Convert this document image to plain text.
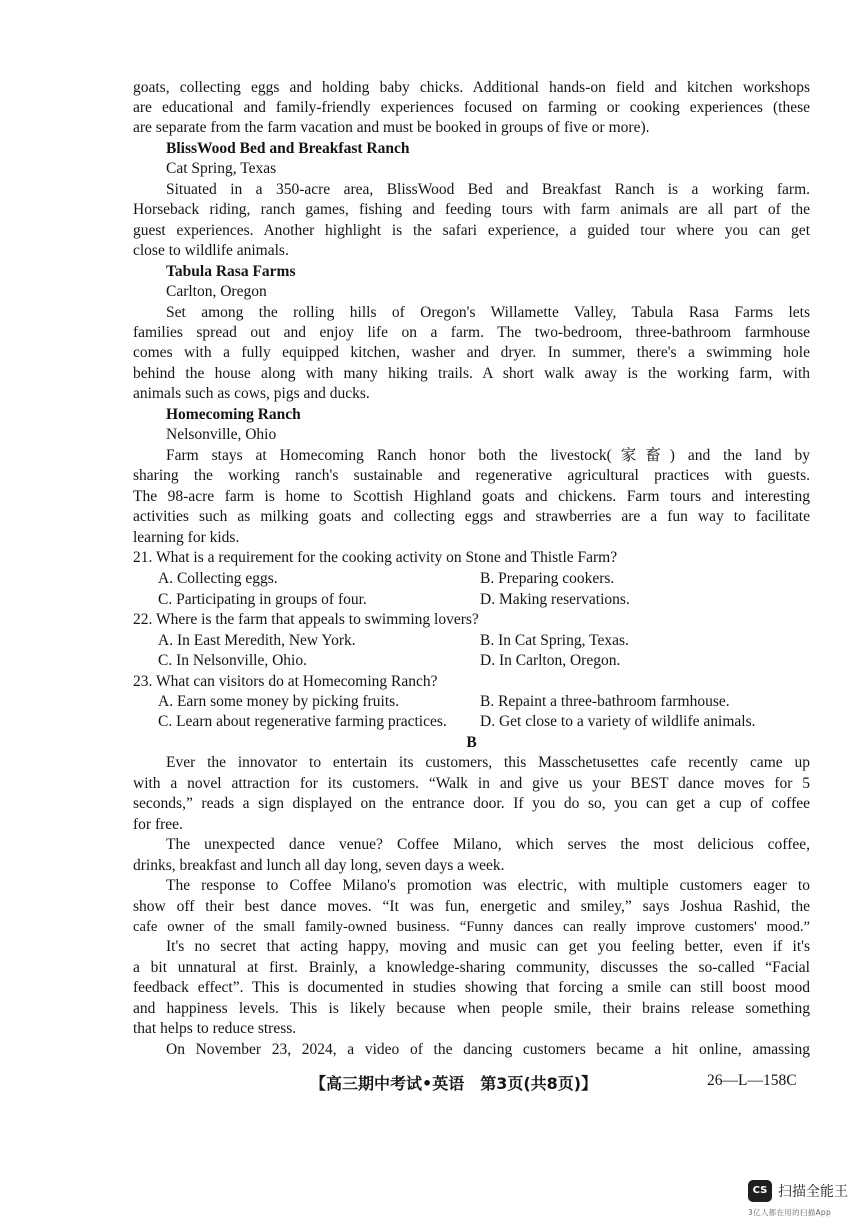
goats, collecting eggs and holding baby chicks. Additional hands-on field and kitchen workshops
are educational and family-friendly experiences focused on farming or cooking experiences (these
are separate from the farm vacation and must be booked in groups of five or more).
BlissWood Bed and Breakfast Ranch
Cat Spring, Texas
Situated in a 350-acre area, BlissWood Bed and Breakfast Ranch is a working farm.
Horseback riding, ranch games, fishing and feeding tours with farm animals are all part of the
guest experiences. Another highlight is the safari experience, a guided tour where you can get
close to wildlife animals.
Tabula Rasa Farms
Carlton, Oregon
Set among the rolling hills of Oregon's Willamette Valley, Tabula Rasa Farms lets
families spread out and enjoy life on a farm. The two-bedroom, three-bathroom farmhouse
comes with a fully equipped kitchen, washer and dryer. In summer, there's a swimming hole
behind the house along with many hiking trails. A short walk away is the working farm, with
animals such as cows, pigs and ducks.
Homecoming Ranch
Nelsonville, Ohio
Farm stays at Homecoming Ranch honor both the livestock(家畜) and the land by
sharing the working ranch's sustainable and regenerative agricultural practices with guests.
The 98-acre farm is home to Scottish Highland goats and chickens. Farm tours and interesting
activities such as milking goats and collecting eggs and strawberries are a fun way to facilitate
learning for kids.
21. What is a requirement for the cooking activity on Stone and Thistle Farm?
A. Collecting eggs.	B. Preparing cookers.
C. Participating in groups of four.	D. Making reservations.
22. Where is the farm that appeals to swimming lovers?
A. In East Meredith, New York.	B. In Cat Spring, Texas.
C. In Nelsonville, Ohio.	D. In Carlton, Oregon.
23. What can visitors do at Homecoming Ranch?
A. Earn some money by picking fruits.	B. Repaint a three-bathroom farmhouse.
C. Learn about regenerative farming practices. D. Get close to a variety of wildlife animals.
B
Ever the innovator to entertain its customers, this Masschetusettes cafe recently came up
with a novel attraction for its customers. “Walk in and give us your BEST dance moves for 5
seconds,” reads a sign displayed on the entrance door. If you do so, you can get a cup of coffee
for free.
The unexpected dance venue? Coffee Milano, which serves the most delicious coffee,
drinks, breakfast and lunch all day long, seven days a week.
The response to Coffee Milano's promotion was electric, with multiple customers eager to
show off their best dance moves. “It was fun, energetic and smiley,” says Joshua Rashid, the
cafe owner of the small family-owned business. “Funny dances can really improve customers' mood.”
It's no secret that acting happy, moving and music can get you feeling better, even if it's
a bit unnatural at first. Brainly, a knowledge-sharing community, discusses the so-called “Facial
feedback effect”. This is documented in studies showing that forcing a smile can still boost mood
and happiness levels. This is likely because when people smile, their brains release something
that helps to reduce stress.
On November 23, 2024, a video of the dancing customers became a hit online, amassing
【高三期中考试•英语　第3页(共8页)】	26—L—158C
CS 扫描全能王
3亿人都在用的扫描App
